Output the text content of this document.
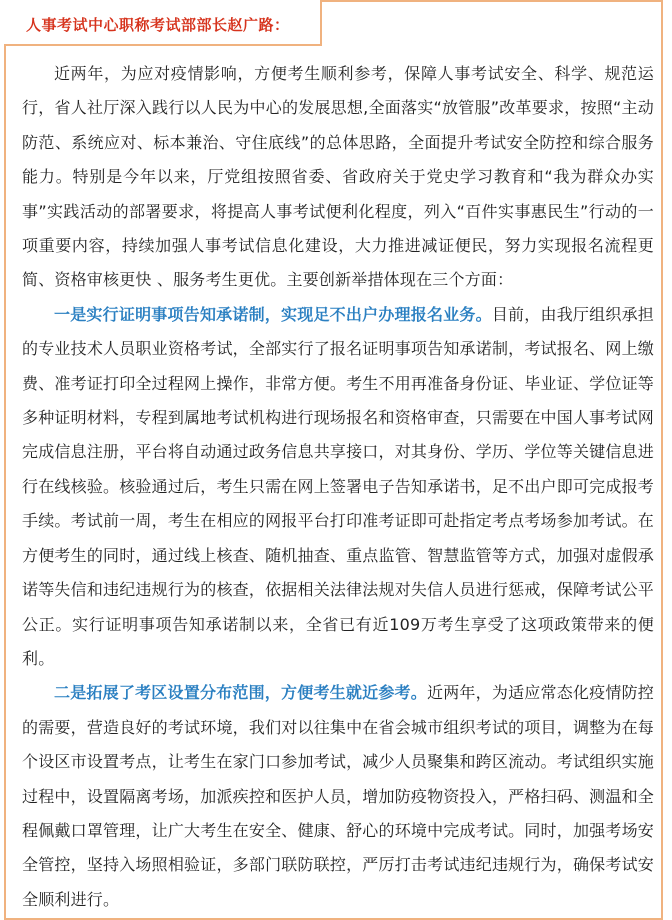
人事考试中心职称考试部部长赵广路：

近两年，为应对疫情影响，方便考生顺利参考，保障人事考试安全、科学、规范运行，省人社厅深入践行以人民为中心的发展思想,全面落实“放管服”改革要求，按照“主动防范、系统应对、标本兼治、守住底线”的总体思路，全面提升考试安全防控和综合服务能力。特别是今年以来，厅党组按照省委、省政府关于党史学习教育和“我为群众办实事”实践活动的部署要求，将提高人事考试便利化程度，列入“百件实事惠民生”行动的一项重要内容，持续加强人事考试信息化建设，大力推进减证便民，努力实现报名流程更简、资格审核更快 、服务考生更优。主要创新举措体现在三个方面：

一是实行证明事项告知承诺制，实现足不出户办理报名业务。目前，由我厅组织承担的专业技术人员职业资格考试，全部实行了报名证明事项告知承诺制，考试报名、网上缴费、准考证打印全过程网上操作，非常方便。考生不用再准备身份证、毕业证、学位证等多种证明材料，专程到属地考试机构进行现场报名和资格审查，只需要在中国人事考试网完成信息注册，平台将自动通过政务信息共享接口，对其身份、学历、学位等关键信息进行在线核验。核验通过后，考生只需在网上签署电子告知承诺书，足不出户即可完成报考手续。考试前一周，考生在相应的网报平台打印准考证即可赴指定考点考场参加考试。在方便考生的同时，通过线上核查、随机抽查、重点监管、智慧监管等方式，加强对虚假承诺等失信和违纪违规行为的核查，依据相关法律法规对失信人员进行惩戒，保障考试公平公正。实行证明事项告知承诺制以来，全省已有近109万考生享受了这项政策带来的便利。

二是拓展了考区设置分布范围，方便考生就近参考。近两年，为适应常态化疫情防控的需要，营造良好的考试环境，我们对以往集中在省会城市组织考试的项目，调整为在每个设区市设置考点，让考生在家门口参加考试，减少人员聚集和跨区流动。考试组织实施过程中，设置隔离考场，加派疾控和医护人员，增加防疫物资投入，严格扫码、测温和全程佩戴口罩管理，让广大考生在安全、健康、舒心的环境中完成考试。同时，加强考场安全管控，坚持入场照相验证，多部门联防联控，严厉打击考试违纪违规行为，确保考试安全顺利进行。
